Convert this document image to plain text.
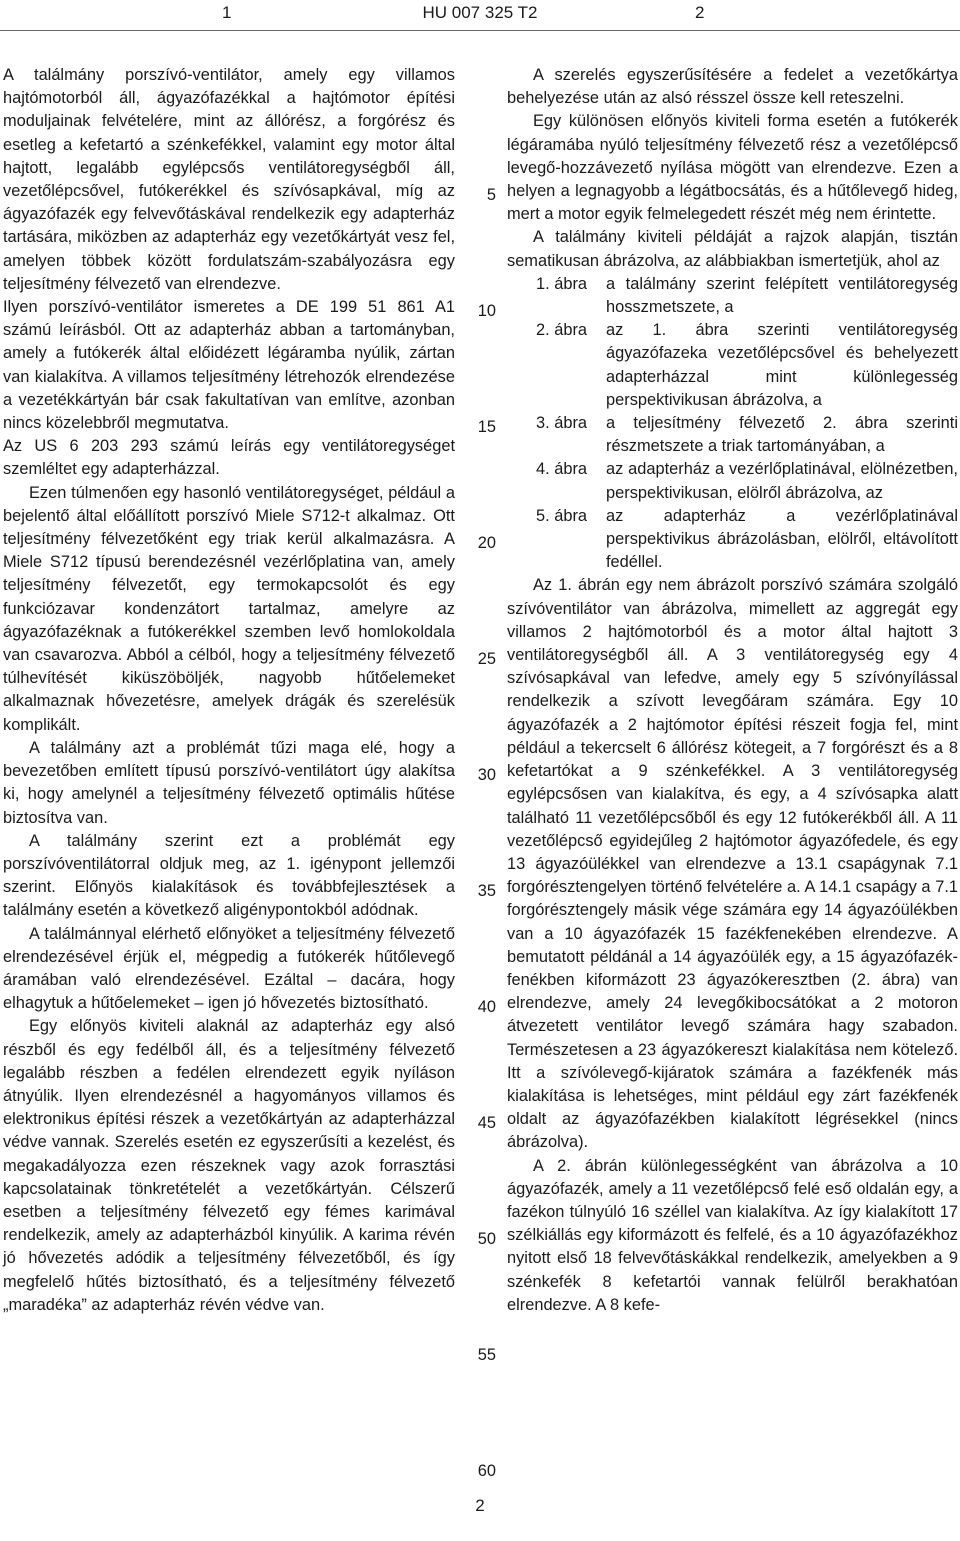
1	HU 007 325 T2	2

A találmány porszívó-ventilátor, amely egy villamos hajtómotorból áll, ágyazófazékkal a hajtómotor építési moduljainak felvételére, mint az állórész, a forgórész és esetleg a kefetartó a szénkefékkel, valamint egy motor által hajtott, legalább egylépcsős ventilátoregységből áll, vezetőlépcsővel, futókerékkel és szívósapkával, míg az ágyazófazék egy felvevőtáskával rendelkezik egy adapterház tartására, miközben az adapterház egy vezetőkártyát vesz fel, amelyen többek között fordulatszám-szabályozásra egy teljesítmény félvezető van elrendezve.

Ilyen porszívó-ventilátor ismeretes a DE 199 51 861 A1 számú leírásból. Ott az adapterház abban a tartományban, amely a futókerék által előidézett légáramba nyúlik, zártan van kialakítva. A villamos teljesítmény létrehozók elrendezése a vezetékkártyán bár csak fakultatívan van említve, azonban nincs közelebbről megmutatva.

Az US 6 203 293 számú leírás egy ventilátoregységet szemléltet egy adapterházzal.

Ezen túlmenően egy hasonló ventilátoregységet, például a bejelentő által előállított porszívó Miele S712-t alkalmaz. Ott teljesítmény félvezetőként egy triak kerül alkalmazásra. A Miele S712 típusú berendezésnél vezérlőplatina van, amely teljesítmény félvezetőt, egy termokapcsolót és egy funkciózavar kondenzátort tartalmaz, amelyre az ágyazófazéknak a futókerékkel szemben levő homlokoldala van csavarozva. Abból a célból, hogy a teljesítmény félvezető túlhevítését kiküszöböljék, nagyobb hűtőelemeket alkalmaznak hővezetésre, amelyek drágák és szerelésük komplikált.

A találmány azt a problémát tűzi maga elé, hogy a bevezetőben említett típusú porszívó-ventilátort úgy alakítsa ki, hogy amelynél a teljesítmény félvezető optimális hűtése biztosítva van.

A találmány szerint ezt a problémát egy porszívóventilátorral oldjuk meg, az 1. igénypont jellemzői szerint. Előnyös kialakítások és továbbfejlesztések a találmány esetén a következő aligénypontokból adódnak.

A találmánnyal elérhető előnyöket a teljesítmény félvezető elrendezésével érjük el, mégpedig a futókerék hűtőlevegő áramában való elrendezésével. Ezáltal – dacára, hogy elhagytuk a hűtőelemeket – igen jó hővezetés biztosítható.

Egy előnyös kiviteli alaknál az adapterház egy alsó részből és egy fedélből áll, és a teljesítmény félvezető legalább részben a fedélen elrendezett egyik nyíláson átnyúlik. Ilyen elrendezésnél a hagyományos villamos és elektronikus építési részek a vezetőkártyán az adapterházzal védve vannak. Szerelés esetén ez egyszerűsíti a kezelést, és megakadályozza ezen részeknek vagy azok forrasztási kapcsolatainak tönkretételét a vezetőkártyán. Célszerű esetben a teljesítmény félvezető egy fémes karimával rendelkezik, amely az adapterházból kinyúlik. A karima révén jó hővezetés adódik a teljesítmény félvezetőből, és így megfelelő hűtés biztosítható, és a teljesítmény félvezető „maradéka” az adapterház révén védve van.

5
10
15
20
25
30
35
40
45
50
55
60

A szerelés egyszerűsítésére a fedelet a vezetőkártya behelyezése után az alsó résszel össze kell reteszelni.

Egy különösen előnyös kiviteli forma esetén a futókerék légáramába nyúló teljesítmény félvezető rész a vezetőlépcső levegő-hozzávezető nyílása mögött van elrendezve. Ezen a helyen a legnagyobb a légátbocsátás, és a hűtőlevegő hideg, mert a motor egyik felmelegedett részét még nem érintette.

A találmány kiviteli példáját a rajzok alapján, tisztán sematikusan ábrázolva, az alábbiakban ismertetjük, ahol az

1. ábra	a találmány szerint felépített ventilátoregység hosszmetszete, a
2. ábra	az 1. ábra szerinti ventilátoregység ágyazófazeka vezetőlépcsővel és behelyezett adapterházzal mint különlegesség perspektivikusan ábrázolva, a
3. ábra	a teljesítmény félvezető 2. ábra szerinti részmetszete a triak tartományában, a
4. ábra	az adapterház a vezérlőplatinával, elölnézetben, perspektivikusan, elölről ábrázolva, az
5. ábra	az adapterház a vezérlőplatinával perspektivikus ábrázolásban, elölről, eltávolított fedéllel.

Az 1. ábrán egy nem ábrázolt porszívó számára szolgáló szívóventilátor van ábrázolva, mimellett az aggregát egy villamos 2 hajtómotorból és a motor által hajtott 3 ventilátoregységből áll. A 3 ventilátoregység egy 4 szívósapkával van lefedve, amely egy 5 szívónyílással rendelkezik a szívott levegőáram számára. Egy 10 ágyazófazék a 2 hajtómotor építési részeit fogja fel, mint például a tekercselt 6 állórész kötegeit, a 7 forgórészt és a 8 kefetartókat a 9 szénkefékkel. A 3 ventilátoregység egylépcsősen van kialakítva, és egy, a 4 szívósapka alatt található 11 vezetőlépcsőből és egy 12 futókerékből áll. A 11 vezetőlépcső egyidejűleg 2 hajtómotor ágyazófedele, és egy 13 ágyazóülékkel van elrendezve a 13.1 csapágynak 7.1 forgórésztengelyen történő felvételére a. A 14.1 csapágy a 7.1 forgórésztengely másik vége számára egy 14 ágyazóülékben van a 10 ágyazófazék 15 fazékfenekében elrendezve. A bemutatott példánál a 14 ágyazóülék egy, a 15 ágyazófazék-fenékben kiformázott 23 ágyazókeresztben (2. ábra) van elrendezve, amely 24 levegőkibocsátókat a 2 motoron átvezetett ventilátor levegő számára hagy szabadon. Természetesen a 23 ágyazókereszt kialakítása nem kötelező. Itt a szívólevegő-kijáratok számára a fazékfenék más kialakítása is lehetséges, mint például egy zárt fazékfenék oldalt az ágyazófazékben kialakított légrésekkel (nincs ábrázolva).

A 2. ábrán különlegességként van ábrázolva a 10 ágyazófazék, amely a 11 vezetőlépcső felé eső oldalán egy, a fazékon túlnyúló 16 széllel van kialakítva. Az így kialakított 17 szélkiállás egy kiformázott és felfelé, és a 10 ágyazófazékhoz nyitott első 18 felvevőtáskákkal rendelkezik, amelyekben a 9 szénkefék 8 kefetartói vannak felülről berakhatóan elrendezve. A 8 kefe-

2
